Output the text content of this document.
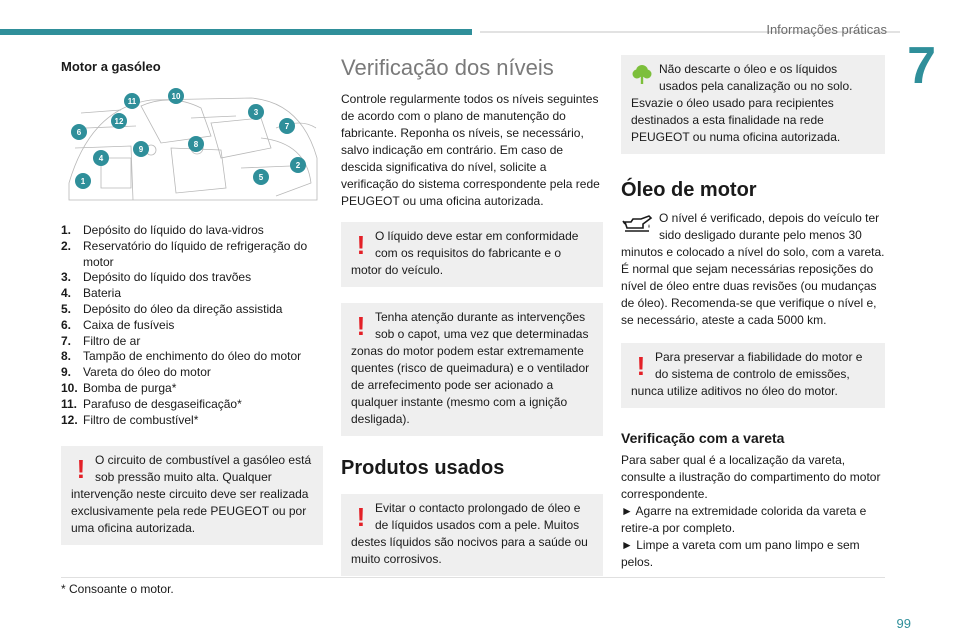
Informações práticas
7
Motor a gasóleo
1
2
3
4
5
6
7
8
9
10
11
12
1. Depósito do líquido do lava-vidros
2. Reservatório do líquido de refrigeração do motor
3. Depósito do líquido dos travões
4. Bateria
5. Depósito do óleo da direção assistida
6. Caixa de fusíveis
7. Filtro de ar
8. Tampão de enchimento do óleo do motor
9. Vareta do óleo do motor
10. Bomba de purga*
11. Parafuso de desgaseificação*
12. Filtro de combustível*
! O circuito de combustível a gasóleo está sob pressão muito alta. Qualquer intervenção neste circuito deve ser realizada exclusivamente pela rede PEUGEOT ou por uma oficina autorizada.

Verificação dos níveis

Controle regularmente todos os níveis seguintes de acordo com o plano de manutenção do fabricante. Reponha os níveis, se necessário, salvo indicação em contrário. Em caso de descida significativa do nível, solicite a verificação do sistema correspondente pela rede PEUGEOT ou uma oficina autorizada.

! O líquido deve estar em conformidade com os requisitos do fabricante e o motor do veículo.

! Tenha atenção durante as intervenções sob o capot, uma vez que determinadas zonas do motor podem estar extremamente quentes (risco de queimadura) e o ventilador de arrefecimento pode ser acionado a qualquer instante (mesmo com a ignição desligada).

Produtos usados
! Evitar o contacto prolongado de óleo e de líquidos usados com a pele. Muitos destes líquidos são nocivos para a saúde ou muito corrosivos.

Não descarte o óleo e os líquidos usados pela canalização ou no solo. Esvazie o óleo usado para recipientes destinados a esta finalidade na rede PEUGEOT ou numa oficina autorizada.

Óleo de motor

O nível é verificado, depois do veículo ter sido desligado durante pelo menos 30 minutos e colocado a nível do solo, com a vareta. É normal que sejam necessárias reposições do nível de óleo entre duas revisões (ou mudanças de óleo). Recomenda-se que verifique o nível e, se necessário, ateste a cada 5000 km.

! Para preservar a fiabilidade do motor e do sistema de controlo de emissões, nunca utilize aditivos no óleo do motor.

Verificação com a vareta

Para saber qual é a localização da vareta, consulte a ilustração do compartimento do motor correspondente.

► Agarre na extremidade colorida da vareta e retire-a por completo.

► Limpe a vareta com um pano limpo e sem pelos.

* Consoante o motor.
99
